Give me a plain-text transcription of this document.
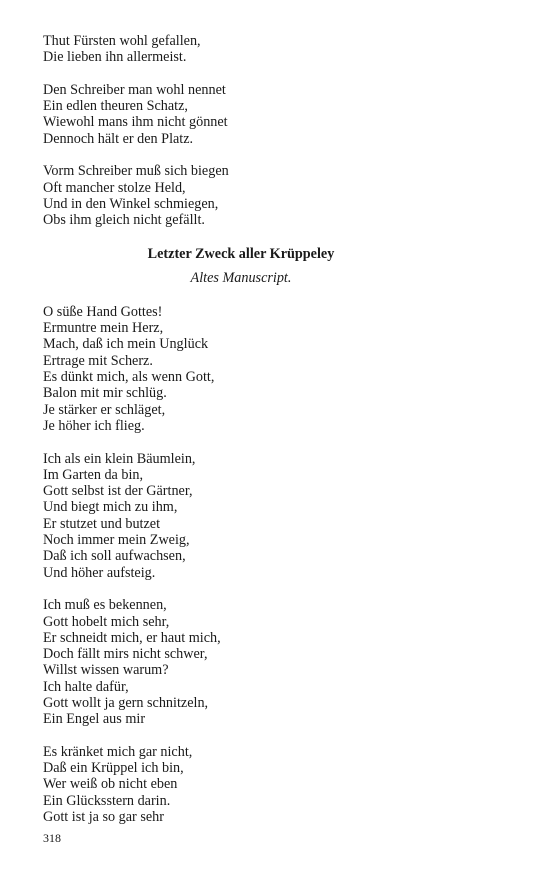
Thut Fürsten wohl gefallen,
Die lieben ihn allermeist.
Den Schreiber man wohl nennet
Ein edlen theuren Schatz,
Wiewohl mans ihm nicht gönnet
Dennoch hält er den Platz.
Vorm Schreiber muß sich biegen
Oft mancher stolze Held,
Und in den Winkel schmiegen,
Obs ihm gleich nicht gefällt.
Letzter Zweck aller Krüppeley
Altes Manuscript.
O süße Hand Gottes!
Ermuntre mein Herz,
Mach, daß ich mein Unglück
Ertrage mit Scherz.
Es dünkt mich, als wenn Gott,
Balon mit mir schlüg.
Je stärker er schläget,
Je höher ich flieg.
Ich als ein klein Bäumlein,
Im Garten da bin,
Gott selbst ist der Gärtner,
Und biegt mich zu ihm,
Er stutzet und butzet
Noch immer mein Zweig,
Daß ich soll aufwachsen,
Und höher aufsteig.
Ich muß es bekennen,
Gott hobelt mich sehr,
Er schneidt mich, er haut mich,
Doch fällt mirs nicht schwer,
Willst wissen warum?
Ich halte dafür,
Gott wollt ja gern schnitzeln,
Ein Engel aus mir
Es kränket mich gar nicht,
Daß ein Krüppel ich bin,
Wer weiß ob nicht eben
Ein Glücksstern darin.
Gott ist ja so gar sehr
318
